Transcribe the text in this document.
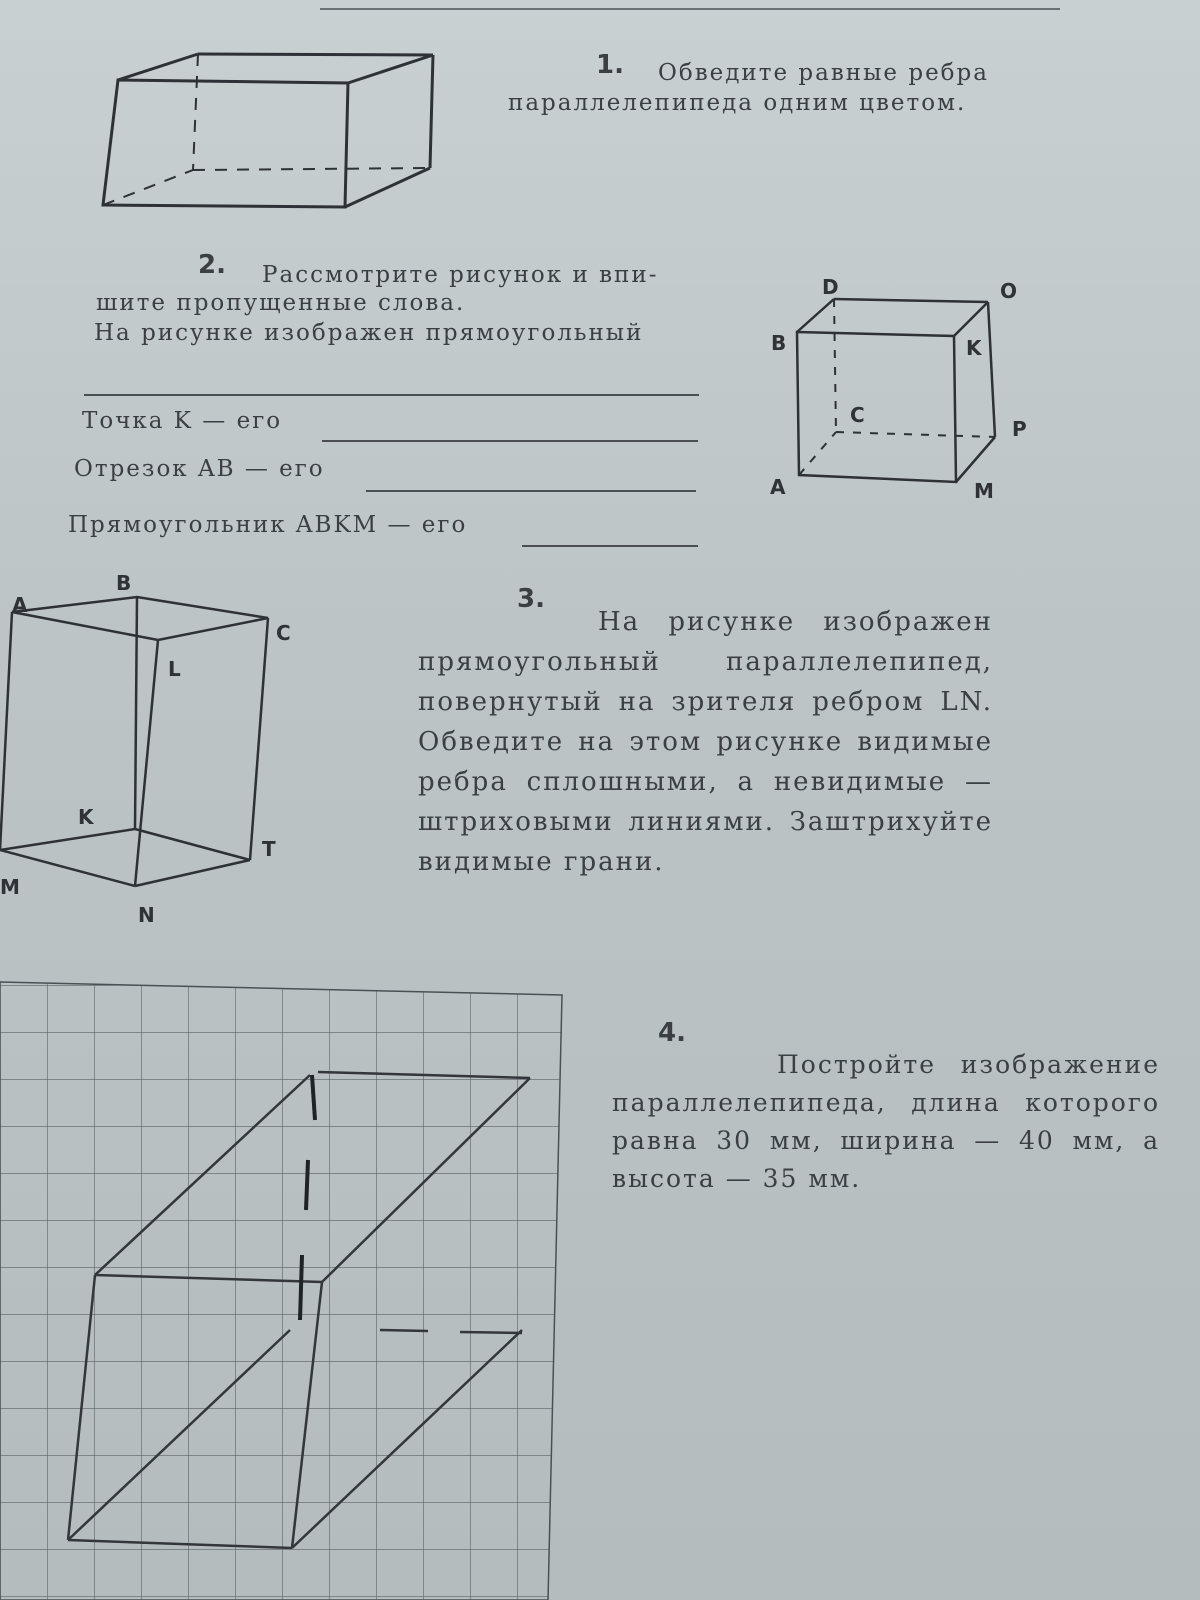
1. Обведите равные ребра
параллелепипеда одним цветом.
2. Рассмотрите рисунок и впи-
шите пропущенные слова.
На рисунке изображен прямоугольный
Точка K — его
Отрезок AB — его
Прямоугольник ABKM — его
D	O
B	K
C
P
A	M
A
B
C
L
K
T
N
M
3.
На рисунке изображен прямоугольный параллелепипед, повернутый на зрителя ребром LN. Обведите на этом рисунке видимые ребра сплошными, а невидимые — штриховыми линиями. Заштрихуйте видимые грани.
4.
Постройте изображение параллелепипеда, длина которого равна 30 мм, ширина — 40 мм, а высота — 35 мм.
